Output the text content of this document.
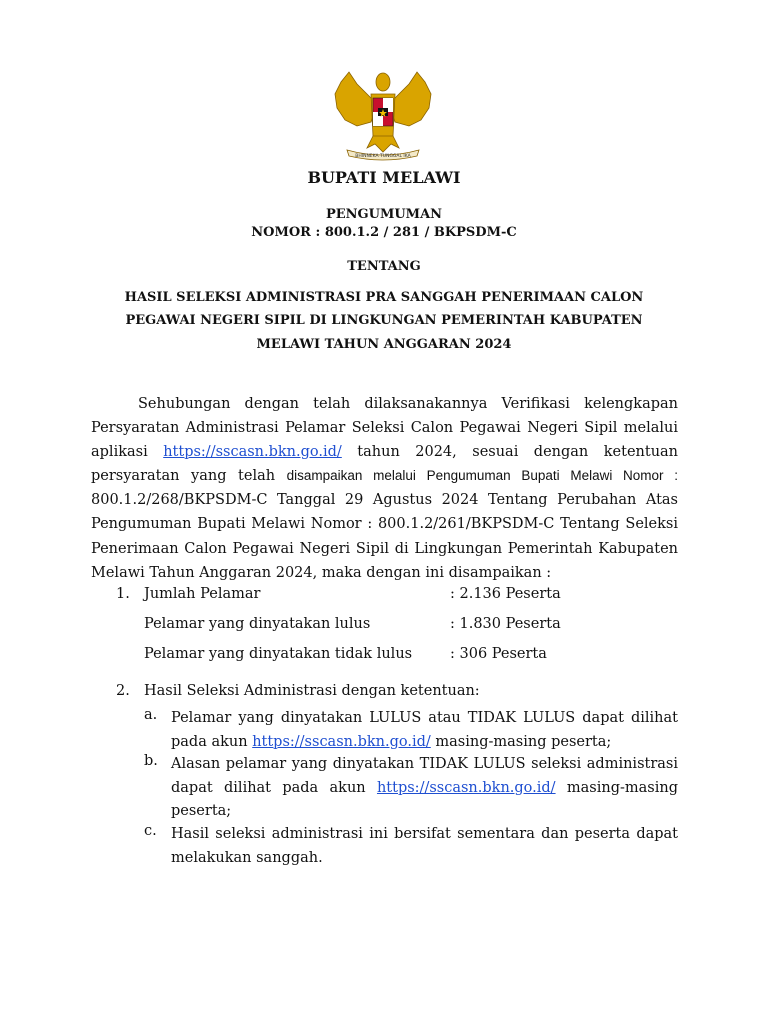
BHINNEKA TUNGGAL IKA
BUPATI MELAWI
PENGUMUMAN
NOMOR : 800.1.2 / 281 / BKPSDM-C
TENTANG
HASIL SELEKSI ADMINISTRASI PRA SANGGAH PENERIMAAN CALON
PEGAWAI NEGERI SIPIL DI LINGKUNGAN PEMERINTAH KABUPATEN
MELAWI TAHUN ANGGARAN 2024
Sehubungan dengan telah dilaksanakannya Verifikasi kelengkapan
Persyaratan Administrasi Pelamar Seleksi Calon Pegawai Negeri Sipil melalui
aplikasi https://sscasn.bkn.go.id/ tahun 2024, sesuai dengan ketentuan
persyaratan yang telah disampaikan melalui Pengumuman Bupati Melawi Nomor :
800.1.2/268/BKPSDM-C Tanggal 29 Agustus 2024 Tentang Perubahan Atas
Pengumuman Bupati Melawi Nomor : 800.1.2/261/BKPSDM-C Tentang Seleksi
Penerimaan Calon Pegawai Negeri Sipil di Lingkungan Pemerintah Kabupaten
Melawi Tahun Anggaran 2024, maka dengan ini disampaikan :
1. Jumlah Pelamar	: 2.136 Peserta
Pelamar yang dinyatakan lulus	: 1.830 Peserta
Pelamar yang dinyatakan tidak lulus	: 306 Peserta
2. Hasil Seleksi Administrasi dengan ketentuan:
a. Pelamar yang dinyatakan LULUS atau TIDAK LULUS dapat dilihat
pada akun https://sscasn.bkn.go.id/ masing-masing peserta;
b. Alasan pelamar yang dinyatakan TIDAK LULUS seleksi administrasi
dapat dilihat pada akun https://sscasn.bkn.go.id/ masing-masing
peserta;
c. Hasil seleksi administrasi ini bersifat sementara dan peserta dapat
melakukan sanggah.
